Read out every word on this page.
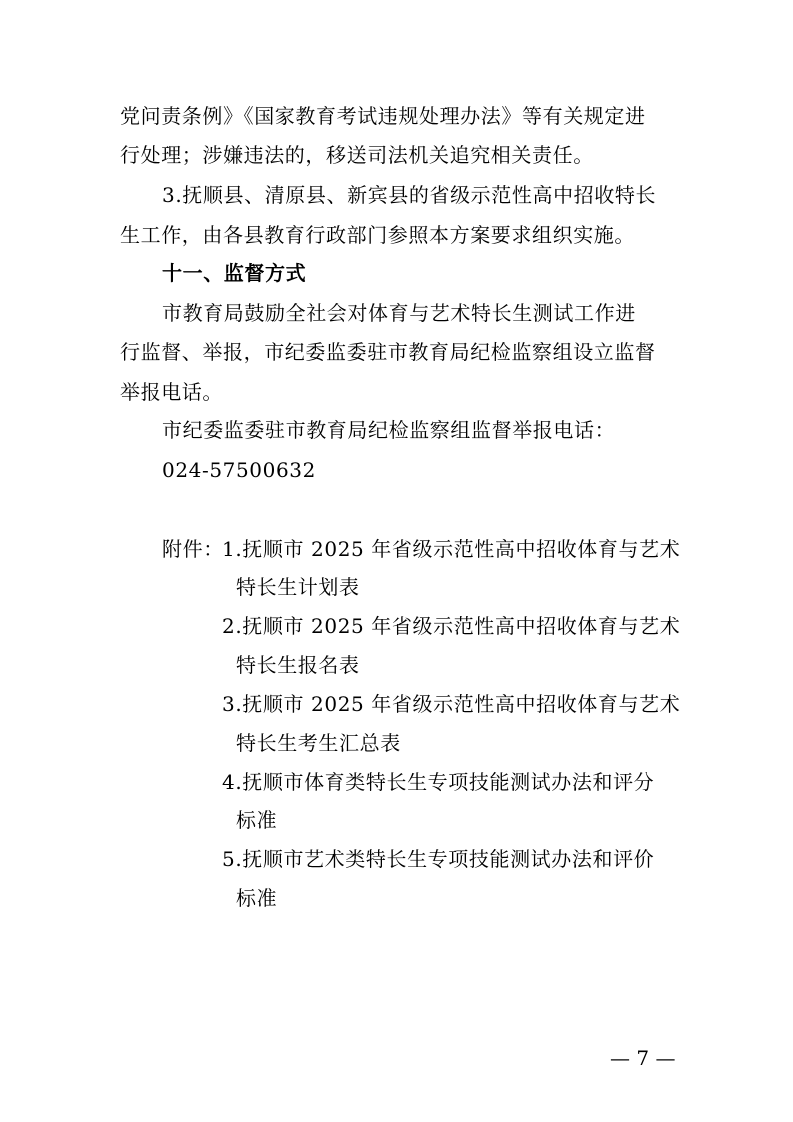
党问责条例》《国家教育考试违规处理办法》等有关规定进
行处理；涉嫌违法的，移送司法机关追究相关责任。
3.抚顺县、清原县、新宾县的省级示范性高中招收特长
生工作，由各县教育行政部门参照本方案要求组织实施。
十一、监督方式
市教育局鼓励全社会对体育与艺术特长生测试工作进
行监督、举报，市纪委监委驻市教育局纪检监察组设立监督
举报电话。
市纪委监委驻市教育局纪检监察组监督举报电话：
024-57500632
附件：
1.抚顺市 2025 年省级示范性高中招收体育与艺术
特长生计划表
2.抚顺市 2025 年省级示范性高中招收体育与艺术
特长生报名表
3.抚顺市 2025 年省级示范性高中招收体育与艺术
特长生考生汇总表
4.抚顺市体育类特长生专项技能测试办法和评分
标准
5.抚顺市艺术类特长生专项技能测试办法和评价
标准
— 7 —
